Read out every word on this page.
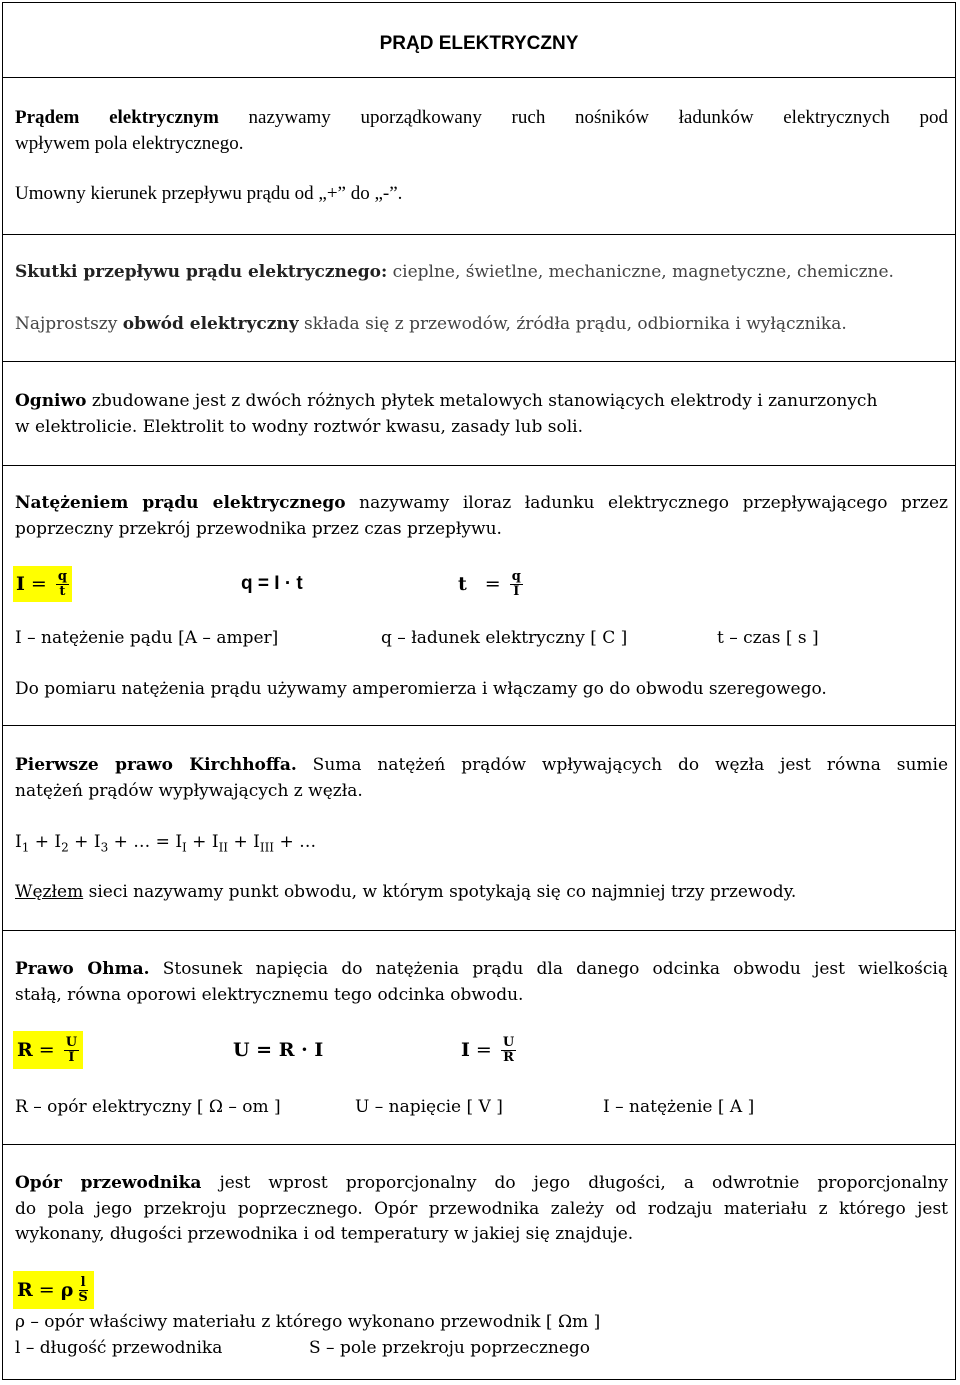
PRĄD ELEKTRYCZNY
Prądem elektrycznym nazywamy uporządkowany ruch nośników ładunków elektrycznych pod
wpływem pola elektrycznego.
Umowny kierunek przepływu prądu od „+” do „-”.
Skutki przepływu prądu elektrycznego: cieplne, świetlne, mechaniczne, magnetyczne, chemiczne.
Najprostszy obwód elektryczny składa się z przewodów, źródła prądu, odbiornika i wyłącznika.
Ogniwo zbudowane jest z dwóch różnych płytek metalowych stanowiących elektrody i zanurzonych
w elektrolicie. Elektrolit to wodny roztwór kwasu, zasady lub soli.
Natężeniem prądu elektrycznego nazywamy iloraz ładunku elektrycznego przepływającego przez
poprzeczny przekrój przewodnika przez czas przepływu.
$I = \frac{q}{t}$	q = I · t	$t = \frac{q}{I}$
I – natężenie pądu [A – amper]	q – ładunek elektryczny [ C ]	t – czas [ s ]
Do pomiaru natężenia prądu używamy amperomierza i włączamy go do obwodu szeregowego.
Pierwsze prawo Kirchhoffa. Suma natężeń prądów wpływających do węzła jest równa sumie
natężeń prądów wypływających z węzła.
$I_1 + I_2 + I_3$ + … = $I_I + I_{II} + I_{III}$ + …
Węzłem sieci nazywamy punkt obwodu, w którym spotykają się co najmniej trzy przewody.
Prawo Ohma. Stosunek napięcia do natężenia prądu dla danego odcinka obwodu jest wielkością
stałą, równa oporowi elektrycznemu tego odcinka obwodu.
$R = \frac{U}{I}$	U = R · I	$I = \frac{U}{R}$
R – opór elektryczny [ Ω – om ]	U – napięcie [ V ]	I – natężenie [ A ]
Opór przewodnika jest wprost proporcjonalny do jego długości, a odwrotnie proporcjonalny
do pola jego przekroju poprzecznego. Opór przewodnika zależy od rodzaju materiału z którego jest
wykonany, długości przewodnika i od temperatury w jakiej się znajduje.
R = ρ $\frac{l}{S}$
ρ – opór właściwy materiału z którego wykonano przewodnik [ Ωm ]
l – długość przewodnika	S – pole przekroju poprzecznego
